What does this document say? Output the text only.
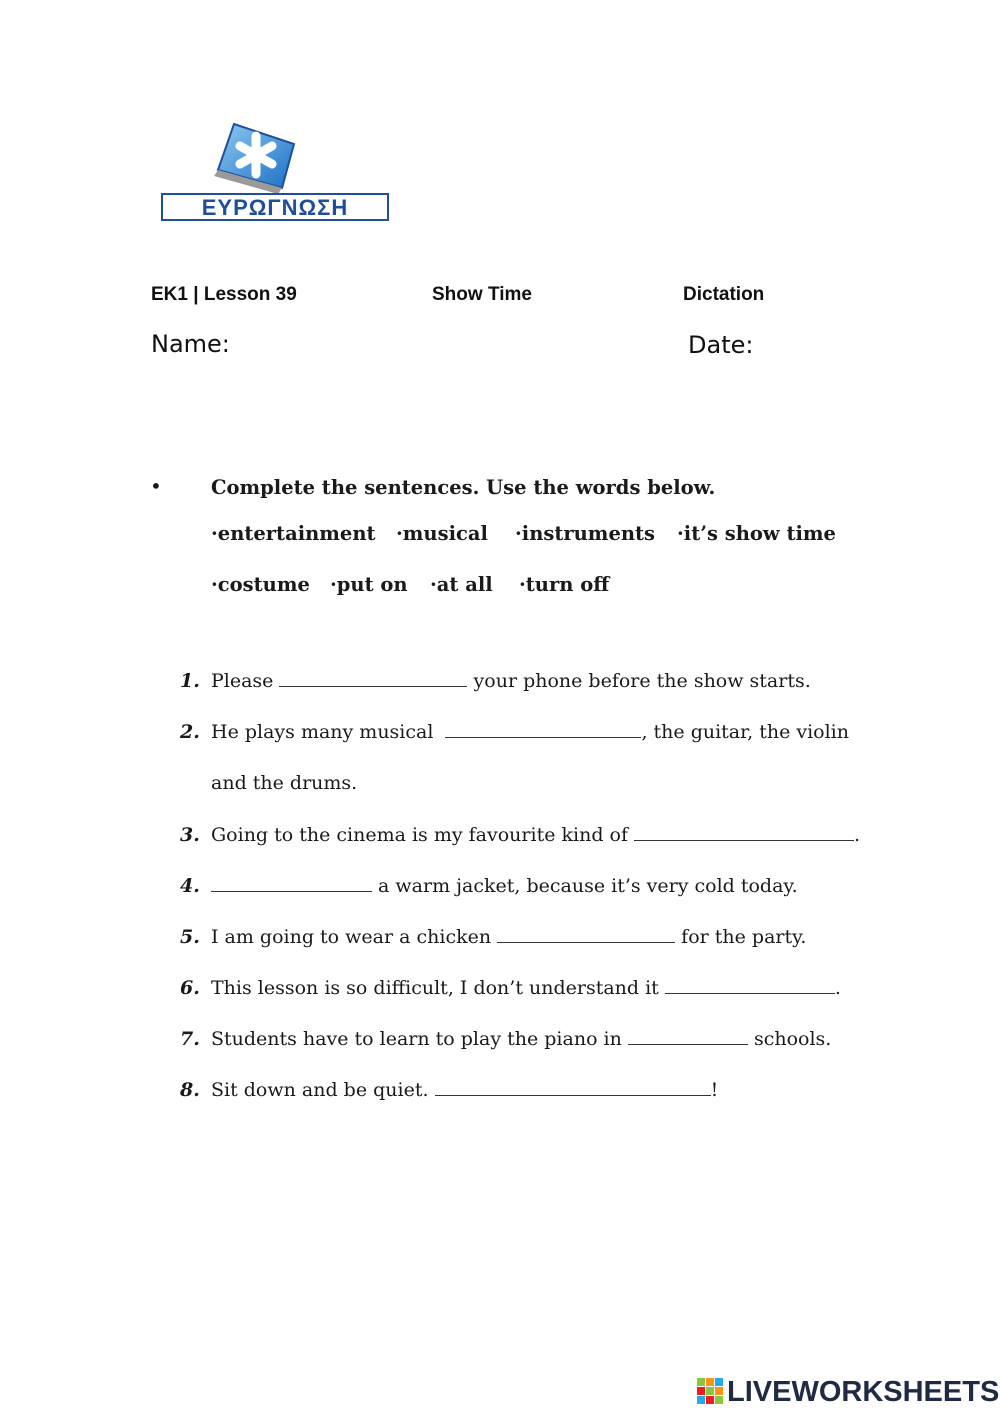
ΕΥΡΩΓΝΩΣΗ
EK1 | Lesson 39	Show Time	Dictation
Name:	Date:
•	Complete the sentences. Use the words below.
·entertainment ·musical ·instruments ·it’s show time
·costume ·put on ·at all ·turn off
1. Please	your phone before the show starts.
2. He plays many musical	, the guitar, the violin
and the drums.
3. Going to the cinema is my favourite kind of	.
4.	a warm jacket, because it’s very cold today.
5. I am going to wear a chicken	for the party.
6. This lesson is so difficult, I don’t understand it	.
7. Students have to learn to play the piano in	schools.
8. Sit down and be quiet.	!
LIVEWORKSHEETS
